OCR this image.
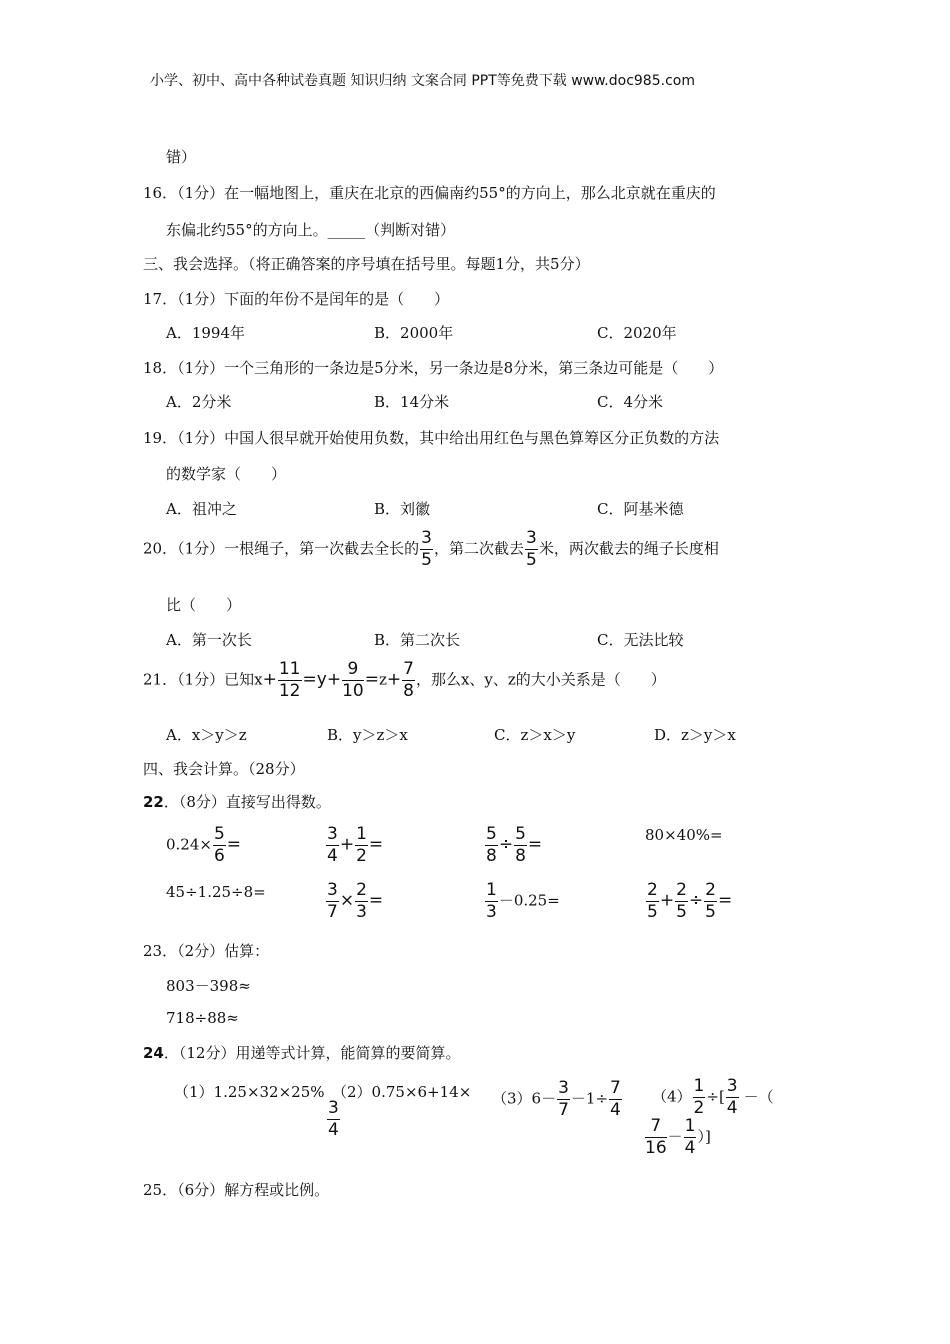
小学、初中、高中各种试卷真题 知识归纳 文案合同 PPT等免费下载 www.doc985.com
错）
16．（1分）在一幅地图上，重庆在北京的西偏南约55°的方向上，那么北京就在重庆的
东偏北约55°的方向上。_____（判断对错）
三、我会选择。（将正确答案的序号填在括号里。每题1分，共5分）
17．（1分）下面的年份不是闰年的是（　　）
A．1994年	B．2000年	C．2020年
18．（1分）一个三角形的一条边是5分米，另一条边是8分米，第三条边可能是（　　）
A．2分米	B．14分米	C．4分米
19．（1分）中国人很早就开始使用负数，其中给出用红色与黑色算筹区分正负数的方法
的数学家（　　）
A．祖冲之	B．刘徽	C．阿基米德
20．（1分）一根绳子，第一次截去全长的 $\frac{3}{5}$ ，第二次截去 $\frac{3}{5}$ 米，两次截去的绳子长度相
比（　　）
A．第一次长	B．第二次长	C．无法比较
21．（1分）已知$x+ \frac{11}{12} =y+ \frac{9}{10} =z+ \frac{7}{8}$ ，那么x、y、z的大小关系是（　　）
A．x＞y＞z	B．y＞z＞x	C．z＞x＞y	D．z＞y＞x
四、我会计算。（28分）
22．（8分）直接写出得数。
$0.24\times \frac{5}{6}$ =	$\frac{3}{4} + \frac{1}{2}$ =	$\frac{5}{8} \div \frac{5}{8}$ =	80×40%=
45÷1.25÷8=	$\frac{3}{7} \times \frac{2}{3}$ =	$\frac{1}{3} -0.25=$	$\frac{2}{5} + \frac{2}{5} \div \frac{2}{5}$ =
23．（2分）估算：
803－398≈
718÷88≈
24．（12分）用递等式计算，能简算的要简算。
（1）1.25×32×25% （2）0.75×6+14×
$\frac{3}{4}$
$(3)6- \frac{3}{7} -1\div \frac{7}{4} (4) \frac{1}{2}$ ÷[ $\frac{3}{4}$ －（
$\frac{7}{16} - \frac{1}{4}$ ）]
25．（6分）解方程或比例。
